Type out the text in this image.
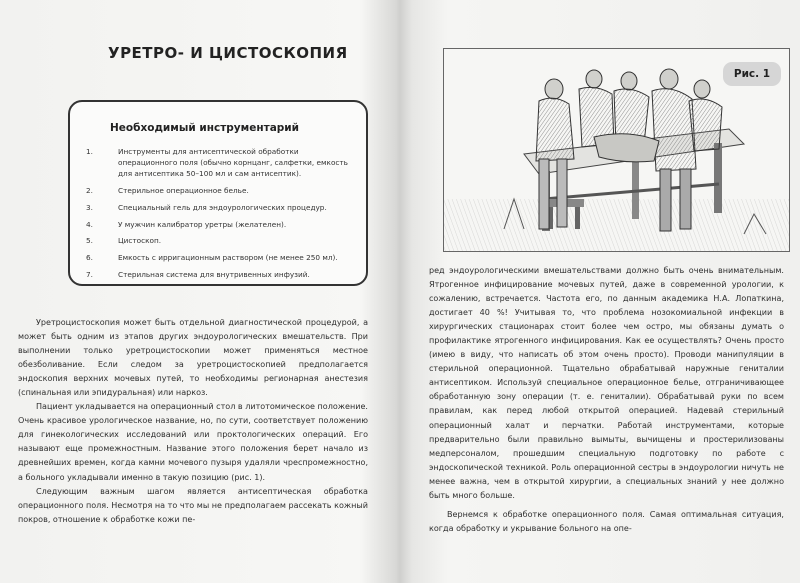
УРЕТРО- И ЦИСТОСКОПИЯ
Необходимый инструментарий
1.	Инструменты для антисептической обработки операционного поля (обычно корнцанг, салфетки, емкость для антисептика 50–100 мл и сам антисептик).
2.	Стерильное операционное белье.
3.	Специальный гель для эндоурологических процедур.
4.	У мужчин калибратор уретры (желателен).
5.	Цистоскоп.
6.	Емкость с ирригационным раствором (не менее 250 мл).
7.	Стерильная система для внутривенных инфузий.

Уретроцистоскопия может быть отдельной диагностической процедурой, а может быть одним из этапов других эндоурологических вмешательств. При выполнении только уретроцистоскопии может применяться местное обезболивание. Если следом за уретроцистоскопией предполагается эндоскопия верхних мочевых путей, то необходимы регионарная анестезия (спинальная или эпидуральная) или наркоз.

Пациент укладывается на операционный стол в литотомическое положение. Очень красивое урологическое название, но, по сути, соответствует положению для гинекологических исследований или проктологических операций. Его называют еще промежностным. Название этого положения берет начало из древнейших времен, когда камни мочевого пузыря удаляли чреспромежностно, а больного укладывали именно в такую позицию (рис. 1).

Следующим важным шагом является антисептическая обработка операционного поля. Несмотря на то что мы не предполагаем рассекать кожный покров, отношение к обработке кожи пе-

Рис. 1

ред эндоурологическими вмешательствами должно быть очень внимательным. Ятрогенное инфицирование мочевых путей, даже в современной урологии, к сожалению, встречается. Частота его, по данным академика Н.А. Лопаткина, достигает 40 %! Учитывая то, что проблема нозокомиальной инфекции в хирургических стационарах стоит более чем остро, мы обязаны думать о профилактике ятрогенного инфицирования. Как ее осуществлять? Очень просто (имею в виду, что написать об этом очень просто). Проводи манипуляции в стерильной операционной. Тщательно обрабатывай наружные гениталии антисептиком. Используй специальное операционное белье, отграничивающее обработанную зону операции (т. е. гениталии). Обрабатывай руки по всем правилам, как перед любой открытой операцией. Надевай стерильный операционный халат и перчатки. Работай инструментами, которые предварительно были правильно вымыты, вычищены и простерилизованы медперсоналом, прошедшим специальную подготовку по работе с эндоскопической техникой. Роль операционной сестры в эндоурологии ничуть не менее важна, чем в открытой хирургии, а специальных знаний у нее должно быть много больше.

Вернемся к обработке операционного поля. Самая оптимальная ситуация, когда обработку и укрывание больного на опе-
